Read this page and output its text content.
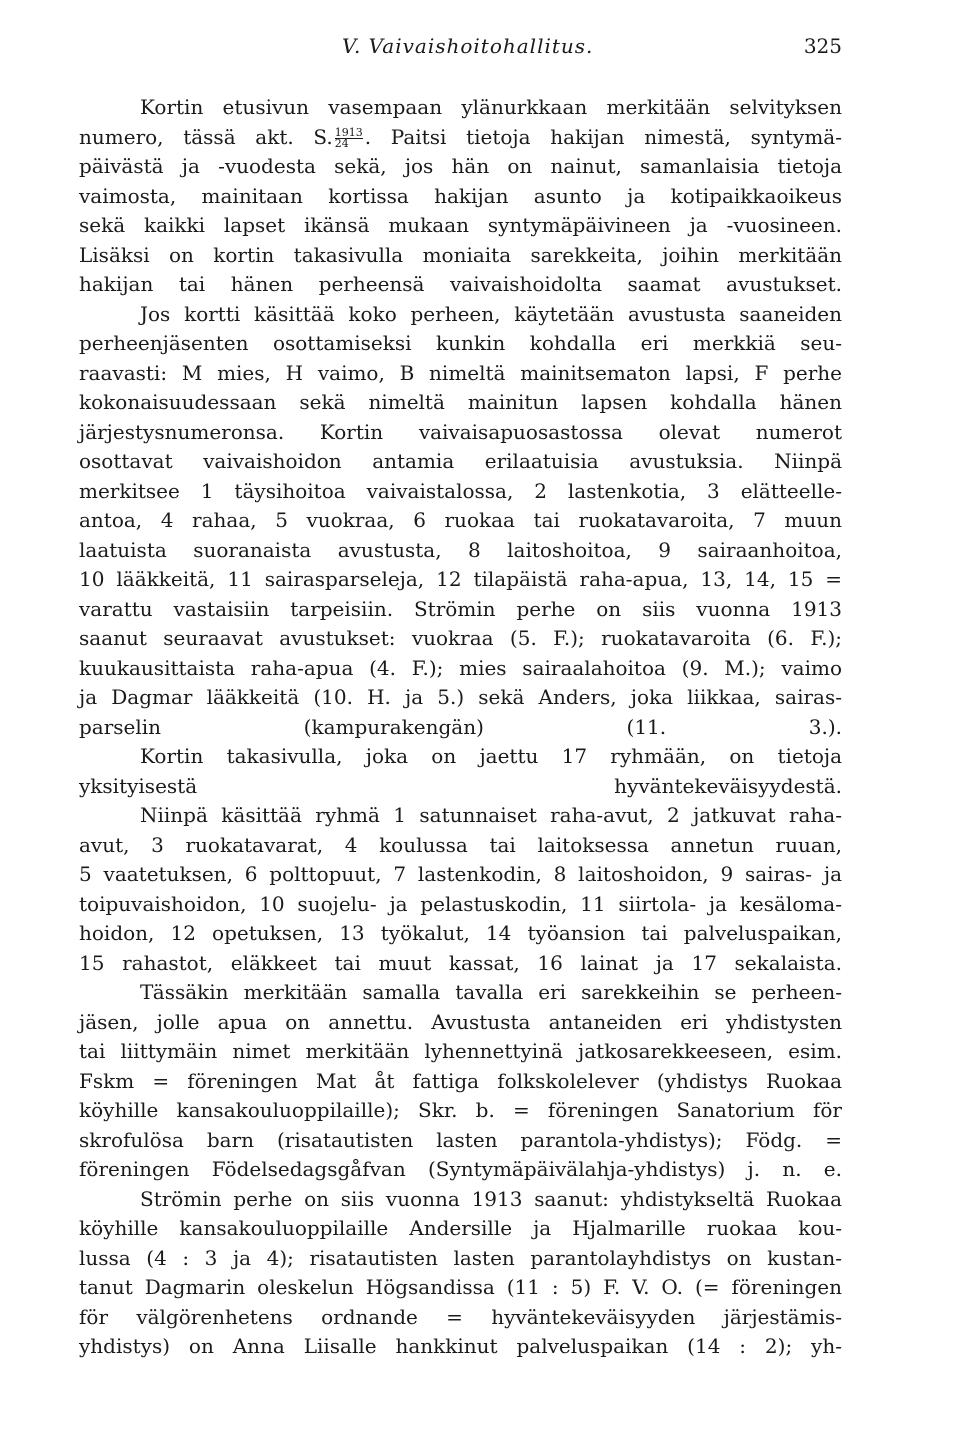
V. Vaivaishoitohallitus.	325
Kortin etusivun vasempaan ylänurkkaan merkitään selvityksen
numero, tässä akt. S. $\frac{1913}{24}$ . Paitsi tietoja hakijan nimestä, syntymä-
päivästä ja -vuodesta sekä, jos hän on nainut, samanlaisia tietoja
vaimosta, mainitaan kortissa hakijan asunto ja kotipaikkaoikeus
sekä kaikki lapset ikänsä mukaan syntymäpäivineen ja -vuosineen.
Lisäksi on kortin takasivulla moniaita sarekkeita, joihin merkitään
hakijan tai hänen perheensä vaivaishoidolta saamat avustukset.
Jos kortti käsittää koko perheen, käytetään avustusta saaneiden
perheenjäsenten osottamiseksi kunkin kohdalla eri merkkiä seu-
raavasti: M mies, H vaimo, B nimeltä mainitsematon lapsi, F perhe
kokonaisuudessaan sekä nimeltä mainitun lapsen kohdalla hänen
järjestysnumeronsa. Kortin vaivaisapuosastossa olevat numerot
osottavat vaivaishoidon antamia erilaatuisia avustuksia. Niinpä
merkitsee 1 täysihoitoa vaivaistalossa, 2 lastenkotia, 3 elätteelle-
antoa, 4 rahaa, 5 vuokraa, 6 ruokaa tai ruokatavaroita, 7 muun
laatuista suoranaista avustusta, 8 laitoshoitoa, 9 sairaanhoitoa,
10 lääkkeitä, 11 sairasparseleja, 12 tilapäistä raha-apua, 13, 14, 15 =
varattu vastaisiin tarpeisiin. Strömin perhe on siis vuonna 1913
saanut seuraavat avustukset: vuokraa (5. F.); ruokatavaroita (6. F.);
kuukausittaista raha-apua (4. F.); mies sairaalahoitoa (9. M.); vaimo
ja Dagmar lääkkeitä (10. H. ja 5.) sekä Anders, joka liikkaa, sairas-
parselin (kampurakengän) (11. 3.).
Kortin takasivulla, joka on jaettu 17 ryhmään, on tietoja
yksityisestä hyväntekeväisyydestä.
Niinpä käsittää ryhmä 1 satunnaiset raha-avut, 2 jatkuvat raha-
avut, 3 ruokatavarat, 4 koulussa tai laitoksessa annetun ruuan,
5 vaatetuksen, 6 polttopuut, 7 lastenkodin, 8 laitoshoidon, 9 sairas- ja
toipuvaishoidon, 10 suojelu- ja pelastuskodin, 11 siirtola- ja kesäloma-
hoidon, 12 opetuksen, 13 työkalut, 14 työansion tai palveluspaikan,
15 rahastot, eläkkeet tai muut kassat, 16 lainat ja 17 sekalaista.
Tässäkin merkitään samalla tavalla eri sarekkeihin se perheen-
jäsen, jolle apua on annettu. Avustusta antaneiden eri yhdistysten
tai liittymäin nimet merkitään lyhennettyinä jatkosarekkeeseen, esim.
Fskm = föreningen Mat åt fattiga folkskolelever (yhdistys Ruokaa
köyhille kansakouluoppilaille); Skr. b. = föreningen Sanatorium för
skrofulösa barn (risatautisten lasten parantola-yhdistys); Födg. =
föreningen Födelsedagsgåfvan (Syntymäpäivälahja-yhdistys) j. n. e.
Strömin perhe on siis vuonna 1913 saanut: yhdistykseltä Ruokaa
köyhille kansakouluoppilaille Andersille ja Hjalmarille ruokaa kou-
lussa (4 : 3 ja 4); risatautisten lasten parantolayhdistys on kustan-
tanut Dagmarin oleskelun Högsandissa (11 : 5) F. V. O. (= föreningen
för välgörenhetens ordnande = hyväntekeväisyyden järjestämis-
yhdistys) on Anna Liisalle hankkinut palveluspaikan (14 : 2); yh-
